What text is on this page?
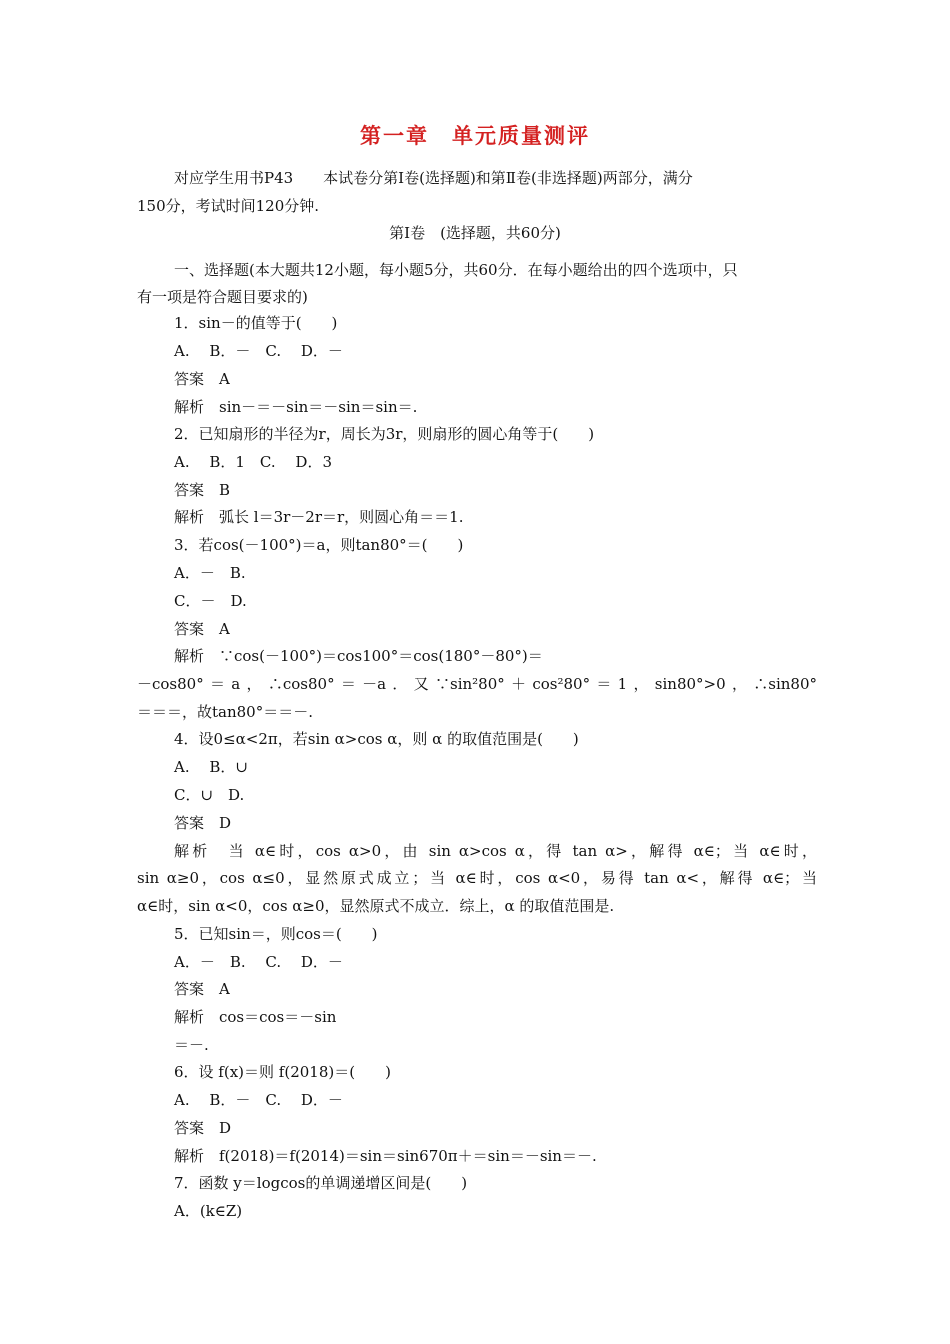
第一章　单元质量测评
对应学生用书P43　　本试卷分第Ⅰ卷(选择题)和第Ⅱ卷(非选择题)两部分，满分
150分，考试时间120分钟.
第Ⅰ卷　(选择题，共60分)
一、选择题(本大题共12小题，每小题5分，共60分．在每小题给出的四个选项中，只
有一项是符合题目要求的)
1．sin－的值等于(　　)
A.　 B．－　C.　 D．－
答案　A
解析　sin－＝－sin＝－sin＝sin＝.
2．已知扇形的半径为r，周长为3r，则扇形的圆心角等于(　　)
A.　 B．1　C.　 D．3
答案　B
解析　弧长 l＝3r－2r＝r，则圆心角＝＝1.
3．若cos(－100°)＝a，则tan80°＝(　　)
A．－　B.
C．－　D.
答案　A
解析　∵cos(－100°)＝cos100°＝cos(180°－80°)＝
－cos80°＝a，∴cos80°＝－a．又∵sin²80°＋cos²80°＝1，sin80°>0，∴sin80°
＝＝＝，故tan80°＝＝－.
4．设0≤α<2π，若sin α>cos α，则 α 的取值范围是(　　)
A.　 B．∪
C．∪　D.
答案　D
解析　当 α∈时，cos α>0，由 sin α>cos α，得 tan α>，解得 α∈；当 α∈时，
sin α≥0，cos α≤0，显然原式成立；当 α∈时，cos α<0，易得 tan α<，解得 α∈；当
α∈时，sin α<0，cos α≥0，显然原式不成立．综上，α 的取值范围是.
5．已知sin＝，则cos＝(　　)
A．－　B.　 C.　 D．－
答案　A
解析　cos＝cos＝－sin
＝－.
6．设 f(x)＝则 f(2018)＝(　　)
A.　 B．－　C.　 D．－
答案　D
解析　f(2018)＝f(2014)＝sin＝sin670π＋＝sin＝－sin＝－.
7．函数 y＝logcos的单调递增区间是(　　)
A．(k∈Z)
